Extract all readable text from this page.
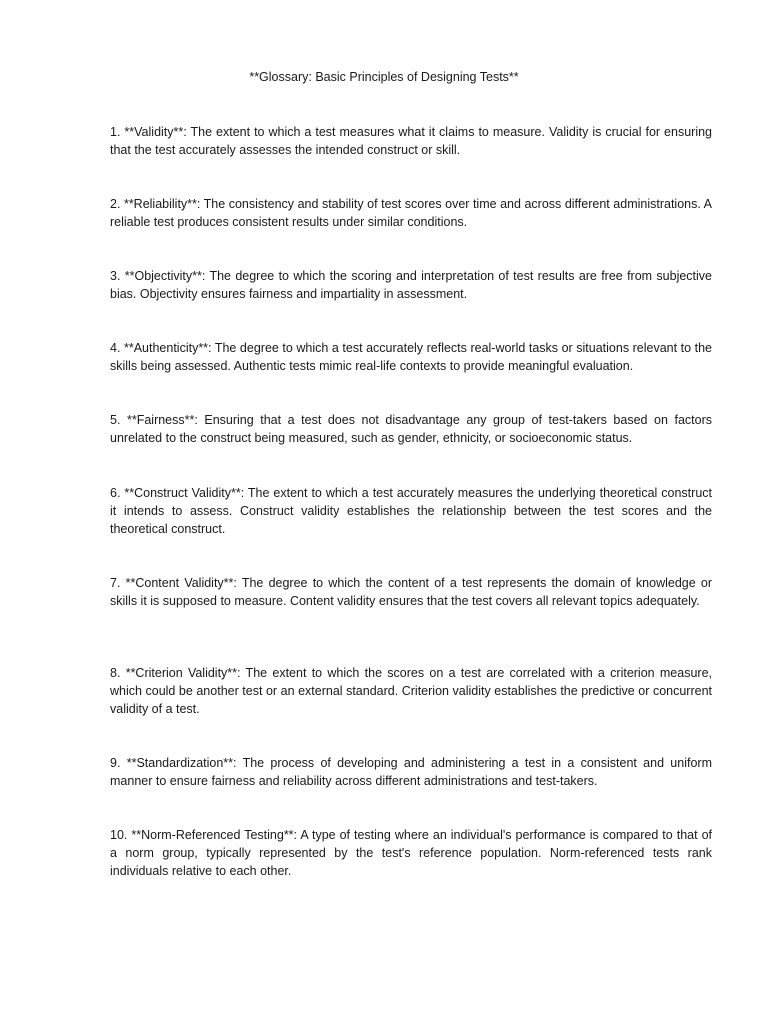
**Glossary: Basic Principles of Designing Tests**

1. **Validity**: The extent to which a test measures what it claims to measure. Validity is crucial for ensuring that the test accurately assesses the intended construct or skill.

2. **Reliability**: The consistency and stability of test scores over time and across different administrations. A reliable test produces consistent results under similar conditions.

3. **Objectivity**: The degree to which the scoring and interpretation of test results are free from subjective bias. Objectivity ensures fairness and impartiality in assessment.

4. **Authenticity**: The degree to which a test accurately reflects real-world tasks or situations relevant to the skills being assessed. Authentic tests mimic real-life contexts to provide meaningful evaluation.

5. **Fairness**: Ensuring that a test does not disadvantage any group of test-takers based on factors unrelated to the construct being measured, such as gender, ethnicity, or socioeconomic status.

6. **Construct Validity**: The extent to which a test accurately measures the underlying theoretical construct it intends to assess. Construct validity establishes the relationship between the test scores and the theoretical construct.

7. **Content Validity**: The degree to which the content of a test represents the domain of knowledge or skills it is supposed to measure. Content validity ensures that the test covers all relevant topics adequately.

8. **Criterion Validity**: The extent to which the scores on a test are correlated with a criterion measure, which could be another test or an external standard. Criterion validity establishes the predictive or concurrent validity of a test.

9. **Standardization**: The process of developing and administering a test in a consistent and uniform manner to ensure fairness and reliability across different administrations and test-takers.

10. **Norm-Referenced Testing**: A type of testing where an individual's performance is compared to that of a norm group, typically represented by the test's reference population. Norm-referenced tests rank individuals relative to each other.
